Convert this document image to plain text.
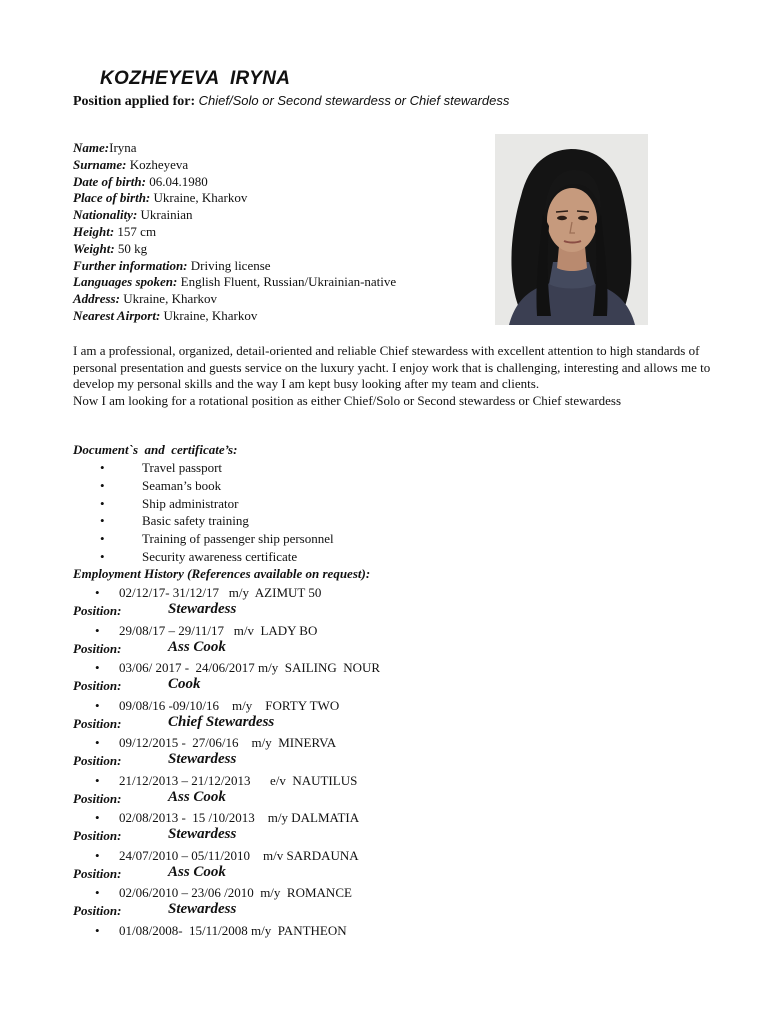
KOZHEYEVA  IRYNA
Position applied for: Chief/Solo or Second stewardess or Chief stewardess
Name:Iryna
Surname: Kozheyeva
Date of birth: 06.04.1980
Place of birth: Ukraine, Kharkov
Nationality: Ukrainian
Height: 157 cm
Weight: 50 kg
Further information: Driving license
Languages spoken: English Fluent, Russian/Ukrainian-native
Address: Ukraine, Kharkov
Nearest Airport: Ukraine, Kharkov

I am a professional, organized, detail-oriented and reliable Chief stewardess with excellent attention to high standards of personal presentation and guests service on the luxury yacht. I enjoy work that is challenging, interesting and allows me to develop my personal skills and the way I am kept busy looking after my team and clients.

Now I am looking for a rotational position as either Chief/Solo or Second stewardess or Chief stewardess

Document`s  and  certificate’s:
•	Travel passport
•	Seaman’s book
•	Ship administrator
•	Basic safety training
•	Training of passenger ship personnel
•	Security awareness certificate
Employment History (References available on request):
• 02/12/17- 31/12/17   m/y  AZIMUT 50
Position:	Stewardess
• 29/08/17 – 29/11/17   m/v  LADY BO
Position:	Ass Cook
• 03/06/ 2017 -  24/06/2017 m/y  SAILING  NOUR
Position:	Cook
• 09/08/16 -09/10/16    m/y    FORTY TWO
Position:	Chief Stewardess
• 09/12/2015 -  27/06/16    m/y  MINERVA
Position:	Stewardess
• 21/12/2013 – 21/12/2013      e/v  NAUTILUS
Position:	Ass Cook
• 02/08/2013 -  15 /10/2013    m/y DALMATIA
Position:	Stewardess
• 24/07/2010 – 05/11/2010    m/v SARDAUNA
Position:	Ass Cook
• 02/06/2010 – 23/06 /2010  m/y  ROMANCE
Position:	Stewardess
• 01/08/2008-  15/11/2008 m/y  PANTHEON
